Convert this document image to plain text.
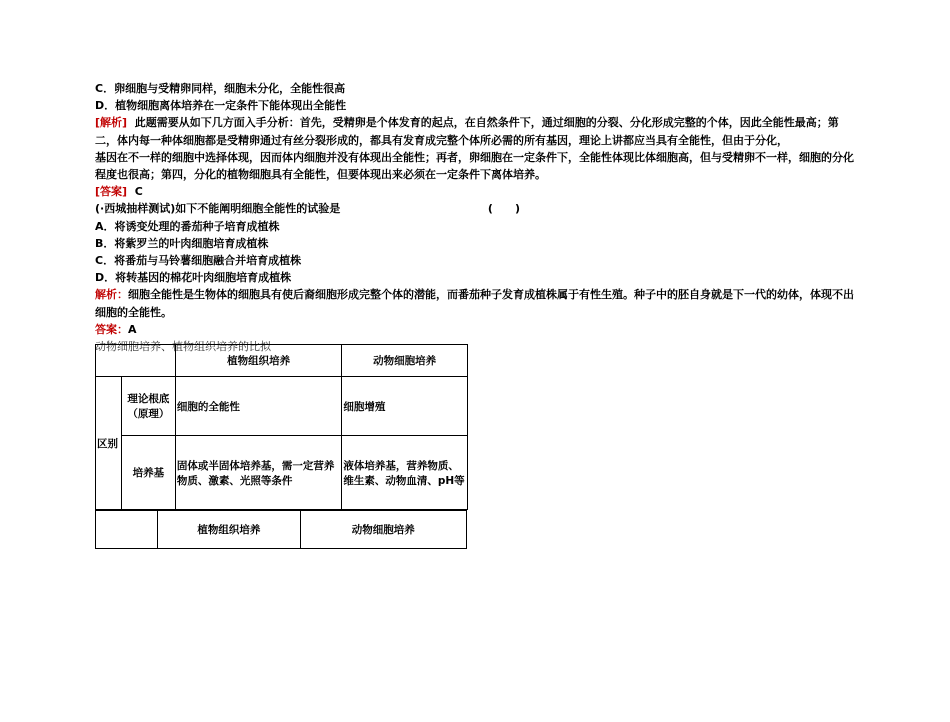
C．卵细胞与受精卵同样，细胞未分化，全能性很高
D．植物细胞离体培养在一定条件下能体现出全能性
[解析] 此题需要从如下几方面入手分析：首先，受精卵是个体发育的起点，在自然条件下，通过细胞的分裂、分化形成完整的个体，因此全能性最高；第二，体内每一种体细胞都是受精卵通过有丝分裂形成的，都具有发育成完整个体所必需的所有基因，理论上讲都应当具有全能性，但由于分化，
基因在不一样的细胞中选择体现，因而体内细胞并没有体现出全能性；再者，卵细胞在一定条件下，全能性体现比体细胞高，但与受精卵不一样，细胞的分化程度也很高；第四，分化的植物细胞具有全能性，但要体现出来必须在一定条件下离体培养。
[答案] C
(·西城抽样测试)如下不能阐明细胞全能性的试验是	(　　)
A．将诱变处理的番茄种子培育成植株
B．将紫罗兰的叶肉细胞培育成植株
C．将番茄与马铃薯细胞融合并培育成植株
D．将转基因的棉花叶肉细胞培育成植株
解析：细胞全能性是生物体的细胞具有使后裔细胞形成完整个体的潜能，而番茄种子发育成植株属于有性生殖。种子中的胚自身就是下一代的幼体，体现不出细胞的全能性。
答案：A
动物细胞培养、植物组织培养的比拟
		植物组织培养	动物细胞培养
区别	理论根底（原理）	细胞的全能性	细胞增殖
	培养基	固体或半固体培养基，需一定营养物质、激素、光照等条件	液体培养基，营养物质、维生素、动物血清、pH等
	植物组织培养	动物细胞培养
